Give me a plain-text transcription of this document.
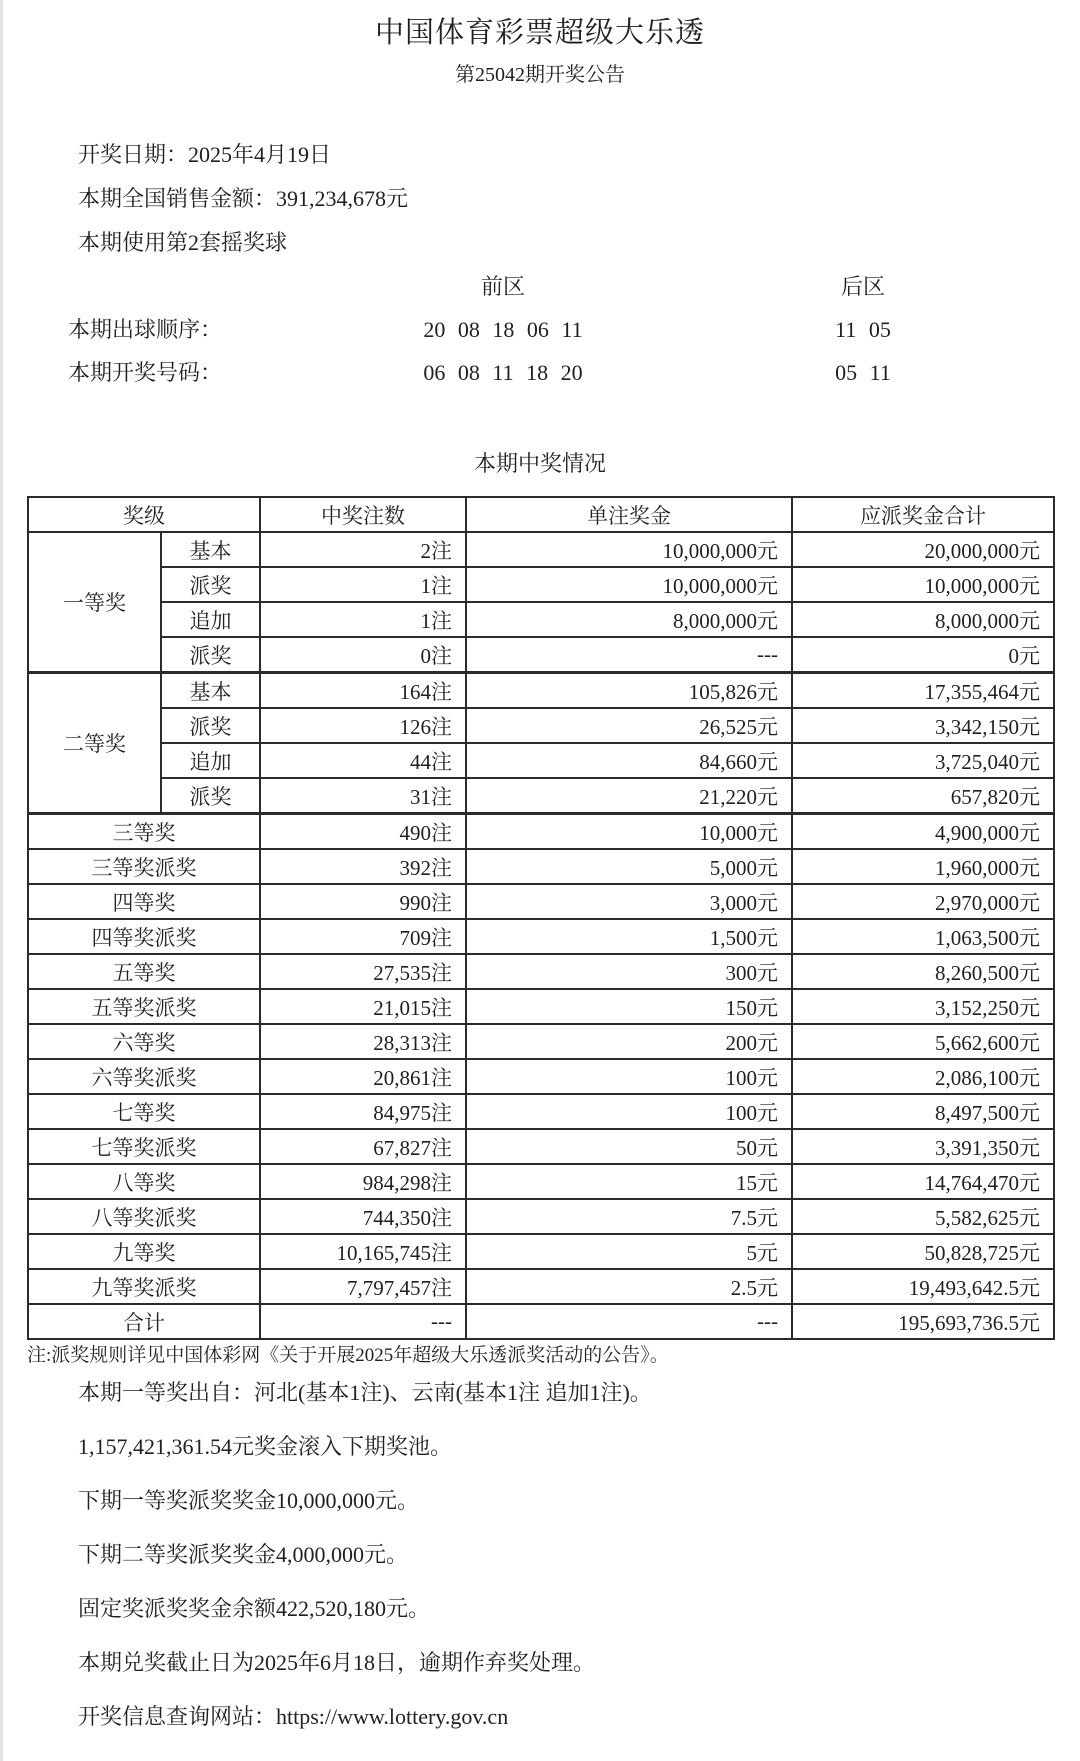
中国体育彩票超级大乐透
第25042期开奖公告
开奖日期：2025年4月19日
本期全国销售金额：391,234,678元
本期使用第2套摇奖球
前区	后区
本期出球顺序：	20 08 18 06 11	11 05
本期开奖号码：	06 08 11 18 20	05 11
本期中奖情况
奖级		中奖注数	单注奖金	应派奖金合计
一等奖	基本	2注	10,000,000元	20,000,000元
	派奖	1注	10,000,000元	10,000,000元
	追加	1注	8,000,000元	8,000,000元
	派奖	0注	---	0元
二等奖	基本	164注	105,826元	17,355,464元
	派奖	126注	26,525元	3,342,150元
	追加	44注	84,660元	3,725,040元
	派奖	31注	21,220元	657,820元
三等奖		490注	10,000元	4,900,000元
三等奖派奖		392注	5,000元	1,960,000元
四等奖		990注	3,000元	2,970,000元
四等奖派奖		709注	1,500元	1,063,500元
五等奖		27,535注	300元	8,260,500元
五等奖派奖		21,015注	150元	3,152,250元
六等奖		28,313注	200元	5,662,600元
六等奖派奖		20,861注	100元	2,086,100元
七等奖		84,975注	100元	8,497,500元
七等奖派奖		67,827注	50元	3,391,350元
八等奖		984,298注	15元	14,764,470元
八等奖派奖		744,350注	7.5元	5,582,625元
九等奖		10,165,745注	5元	50,828,725元
九等奖派奖		7,797,457注	2.5元	19,493,642.5元
合计		---	---	195,693,736.5元
注:派奖规则详见中国体彩网《关于开展2025年超级大乐透派奖活动的公告》。

本期一等奖出自：河北(基本1注)、云南(基本1注 追加1注)。

1,157,421,361.54元奖金滚入下期奖池。

下期一等奖派奖奖金10,000,000元。

下期二等奖派奖奖金4,000,000元。

固定奖派奖奖金余额422,520,180元。

本期兑奖截止日为2025年6月18日，逾期作弃奖处理。

开奖信息查询网站：https://www.lottery.gov.cn
